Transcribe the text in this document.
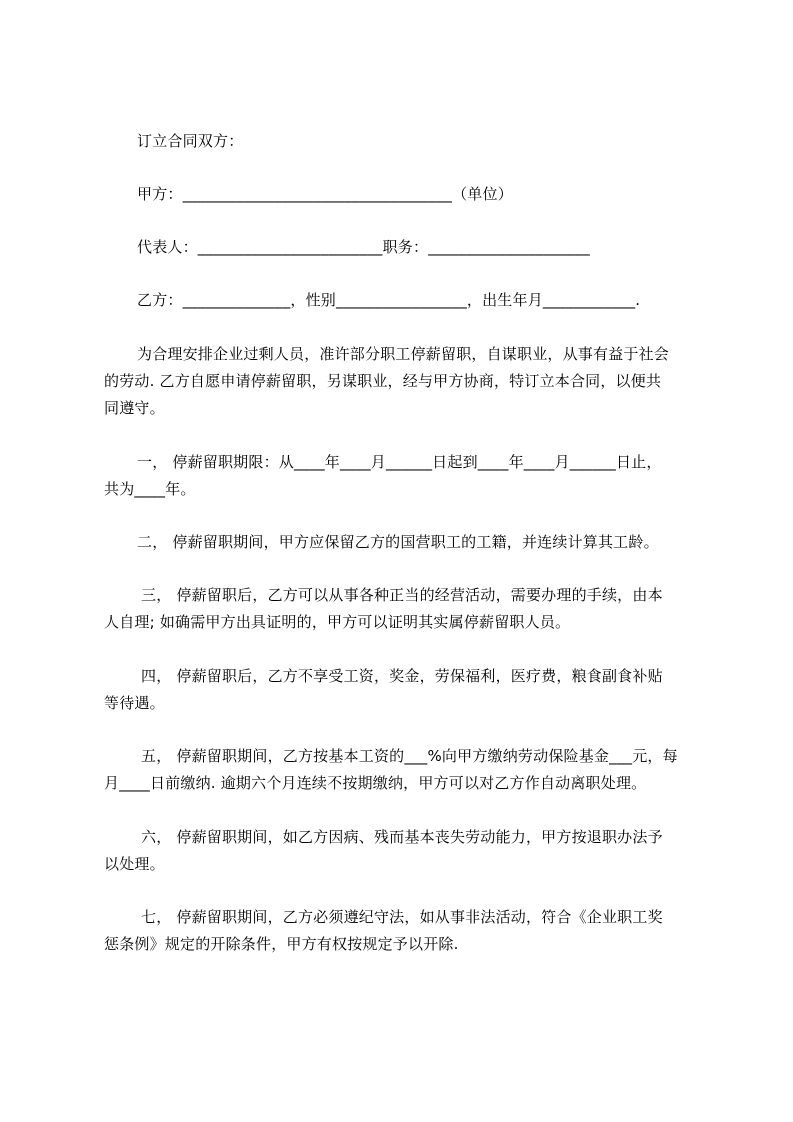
订立合同双方：
甲方：___________________________________（单位）
代表人：________________________职务：_____________________
乙方：______________，性别_________________，出生年月____________.
为合理安排企业过剩人员，准许部分职工停薪留职，自谋职业，从事有益于社会
的劳动. 乙方自愿申请停薪留职，另谋职业，经与甲方协商，特订立本合同，以便共
同遵守。
一， 停薪留职期限：从____年____月______日起到____年____月______日止，
共为____年。
二， 停薪留职期间，甲方应保留乙方的国营职工的工籍，并连续计算其工龄。
三， 停薪留职后，乙方可以从事各种正当的经营活动，需要办理的手续，由本
人自理; 如确需甲方出具证明的，甲方可以证明其实属停薪留职人员。
四， 停薪留职后，乙方不享受工资，奖金，劳保福利，医疗费，粮食副食补贴
等待遇。
五， 停薪留职期间，乙方按基本工资的___%向甲方缴纳劳动保险基金___元，每
月____日前缴纳. 逾期六个月连续不按期缴纳，甲方可以对乙方作自动离职处理。
六， 停薪留职期间，如乙方因病、残而基本丧失劳动能力，甲方按退职办法予
以处理。
七， 停薪留职期间，乙方必须遵纪守法，如从事非法活动，符合《企业职工奖
惩条例》规定的开除条件，甲方有权按规定予以开除.
